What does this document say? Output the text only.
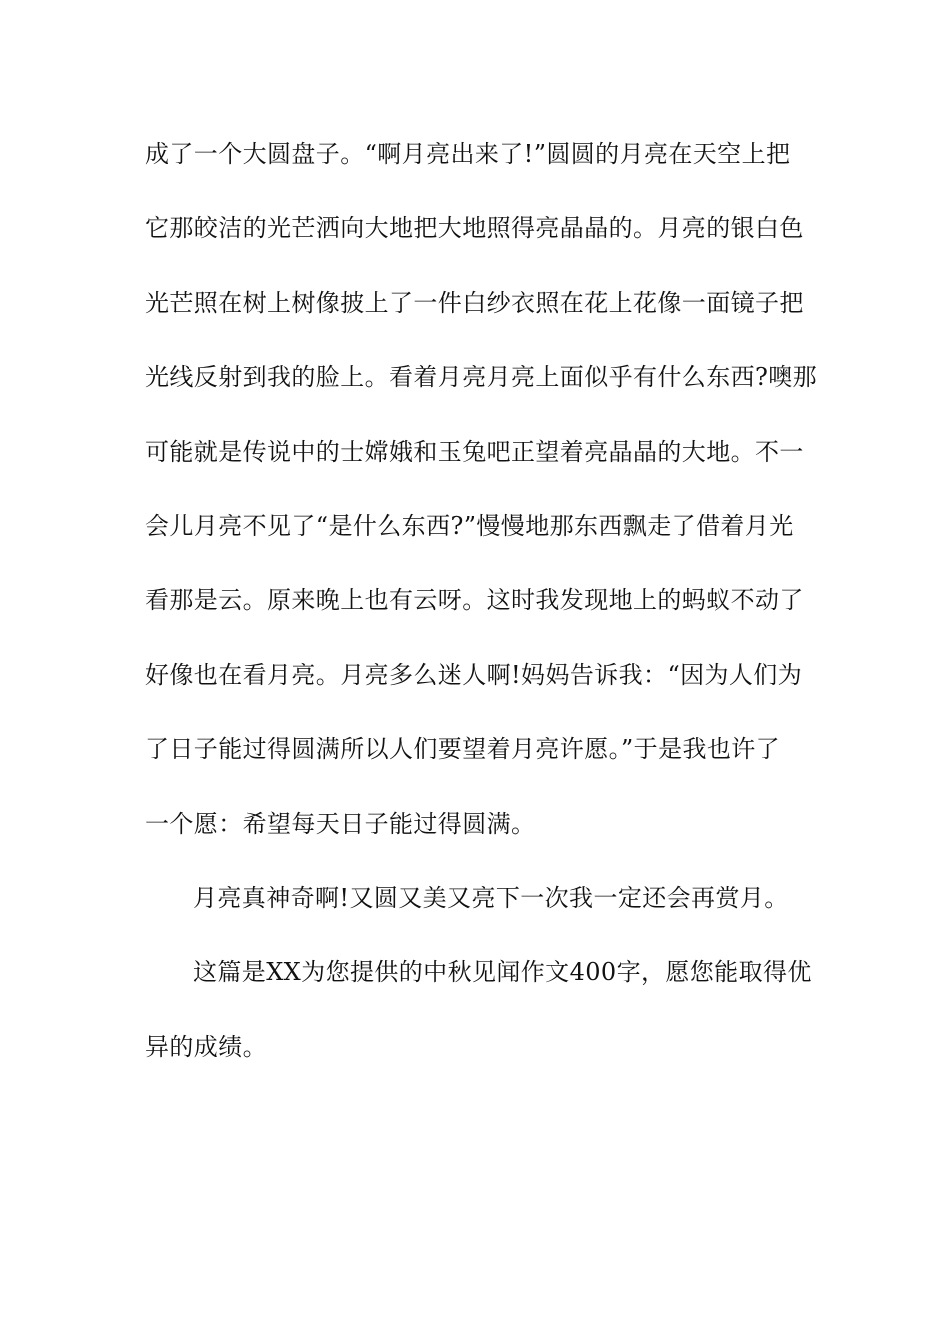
成了一个大圆盘子。“啊月亮出来了!”圆圆的月亮在天空上把
它那皎洁的光芒洒向大地把大地照得亮晶晶的。月亮的银白色
光芒照在树上树像披上了一件白纱衣照在花上花像一面镜子把
光线反射到我的脸上。看着月亮月亮上面似乎有什么东西?噢那
可能就是传说中的士嫦娥和玉兔吧正望着亮晶晶的大地。不一
会儿月亮不见了“是什么东西?”慢慢地那东西飘走了借着月光
看那是云。原来晚上也有云呀。这时我发现地上的蚂蚁不动了
好像也在看月亮。月亮多么迷人啊!妈妈告诉我：“因为人们为
了日子能过得圆满所以人们要望着月亮许愿。”于是我也许了
一个愿：希望每天日子能过得圆满。
月亮真神奇啊!又圆又美又亮下一次我一定还会再赏月。
这篇是XX为您提供的中秋见闻作文400字，愿您能取得优
异的成绩。
